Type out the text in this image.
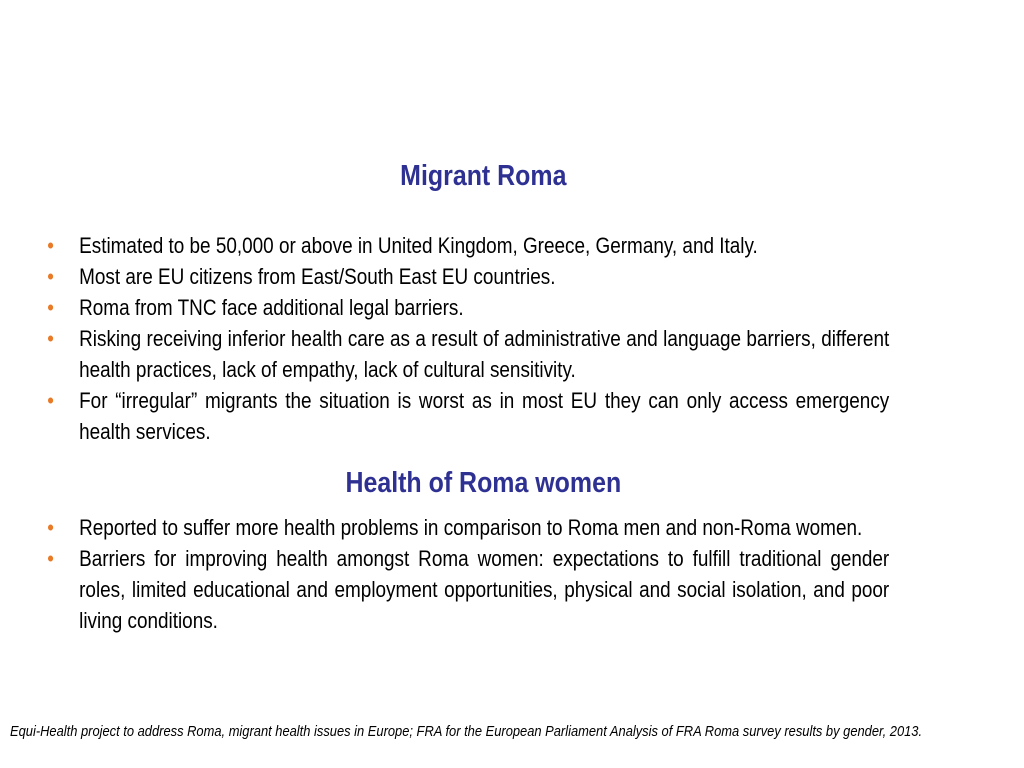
Migrant Roma
• Estimated to be 50,000 or above in United Kingdom, Greece, Germany, and Italy.
• Most are EU citizens from East/South East EU countries.
• Roma from TNC face additional legal barriers.
• Risking receiving inferior health care as a result of administrative and language barriers, different health practices, lack of empathy, lack of cultural sensitivity.
• For “irregular” migrants the situation is worst as in most EU they can only access emergency health services.
Health of Roma women
• Reported to suffer more health problems in comparison to Roma men and non-Roma women.
• Barriers for improving health amongst Roma women: expectations to fulfill traditional gender roles, limited educational and employment opportunities, physical and social isolation, and poor living conditions.
Equi-Health project to address Roma, migrant health issues in Europe; FRA for the European Parliament Analysis of FRA Roma survey results by gender, 2013.
